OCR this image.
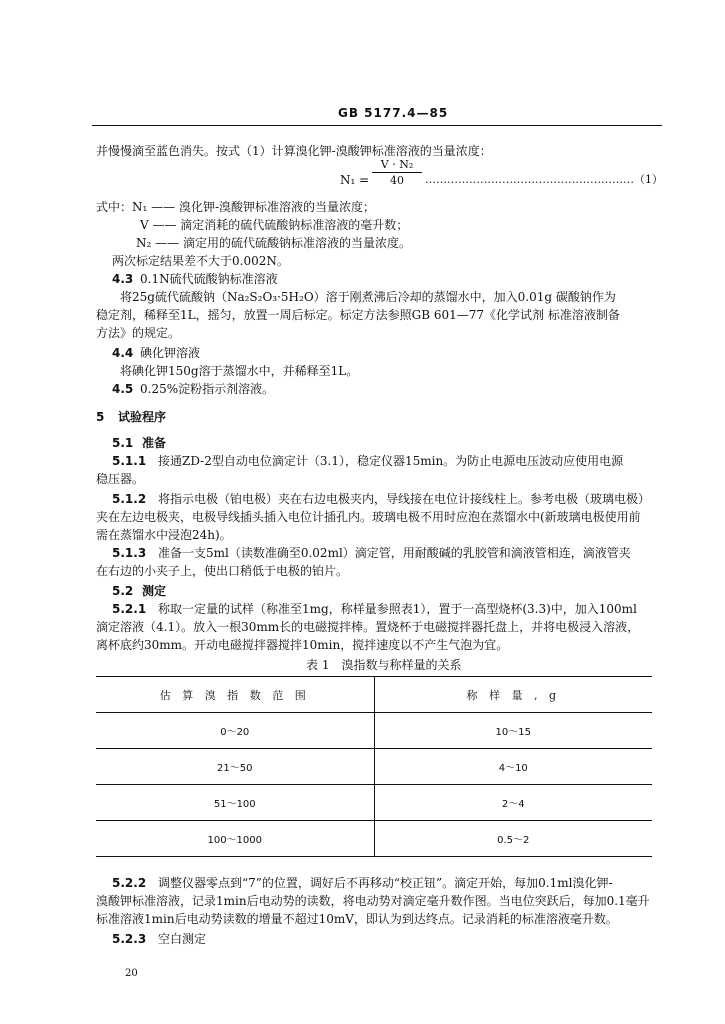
GB 5177.4—85
并慢慢滴至蓝色消失。按式（1）计算溴化钾-溴酸钾标准溶液的当量浓度：
N₁ =
V · N₂
40	…………………………………………………（1）
式中：N₁ —— 溴化钾-溴酸钾标准溶液的当量浓度；
V —— 滴定消耗的硫代硫酸钠标准溶液的毫升数；
N₂ —— 滴定用的硫代硫酸钠标准溶液的当量浓度。
两次标定结果差不大于0.002N。
4.3 0.1N硫代硫酸钠标准溶液
将25g硫代硫酸钠（Na₂S₂O₃·5H₂O）溶于刚煮沸后冷却的蒸馏水中，加入0.01g 碳酸钠作为
稳定剂，稀释至1L，摇匀，放置一周后标定。标定方法参照GB 601—77《化学试剂 标准溶液制备
方法》的规定。
4.4 碘化钾溶液
将碘化钾150g溶于蒸馏水中，并稀释至1L。
4.5 0.25%淀粉指示剂溶液。
5 试验程序
5.1 准备
5.1.1 接通ZD-2型自动电位滴定计（3.1），稳定仪器15min。为防止电源电压波动应使用电源
稳压器。
5.1.2 将指示电极（铂电极）夹在右边电极夹内，导线接在电位计接线柱上。参考电极（玻璃电极）
夹在左边电极夹，电极导线插头插入电位计插孔内。玻璃电极不用时应泡在蒸馏水中(新玻璃电极使用前
需在蒸馏水中浸泡24h)。
5.1.3 准备一支5ml（读数准确至0.02ml）滴定管，用耐酸碱的乳胶管和滴液管相连，滴液管夹
在右边的小夹子上，使出口稍低于电极的铂片。
5.2 测定
5.2.1 称取一定量的试样（称准至1mg，称样量参照表1），置于一高型烧杯(3.3)中，加入100ml
滴定溶液（4.1）。放入一根30mm长的电磁搅拌棒。置烧杯于电磁搅拌器托盘上，并将电极浸入溶液，
离杯底约30mm。开动电磁搅拌器搅拌10min，搅拌速度以不产生气泡为宜。
表 1　溴指数与称样量的关系
估 算 溴 指 数 范 围	称 样 量 , g
0～20	10～15
21～50	4～10
51～100	2～4
100～1000	0.5～2
5.2.2 调整仪器零点到“7”的位置，调好后不再移动“校正钮”。滴定开始，每加0.1ml溴化钾-
溴酸钾标准溶液，记录1min后电动势的读数，将电动势对滴定毫升数作图。当电位突跃后，每加0.1毫升
标准溶液1min后电动势读数的增量不超过10mV，即认为到达终点。记录消耗的标准溶液毫升数。
5.2.3 空白测定
20
